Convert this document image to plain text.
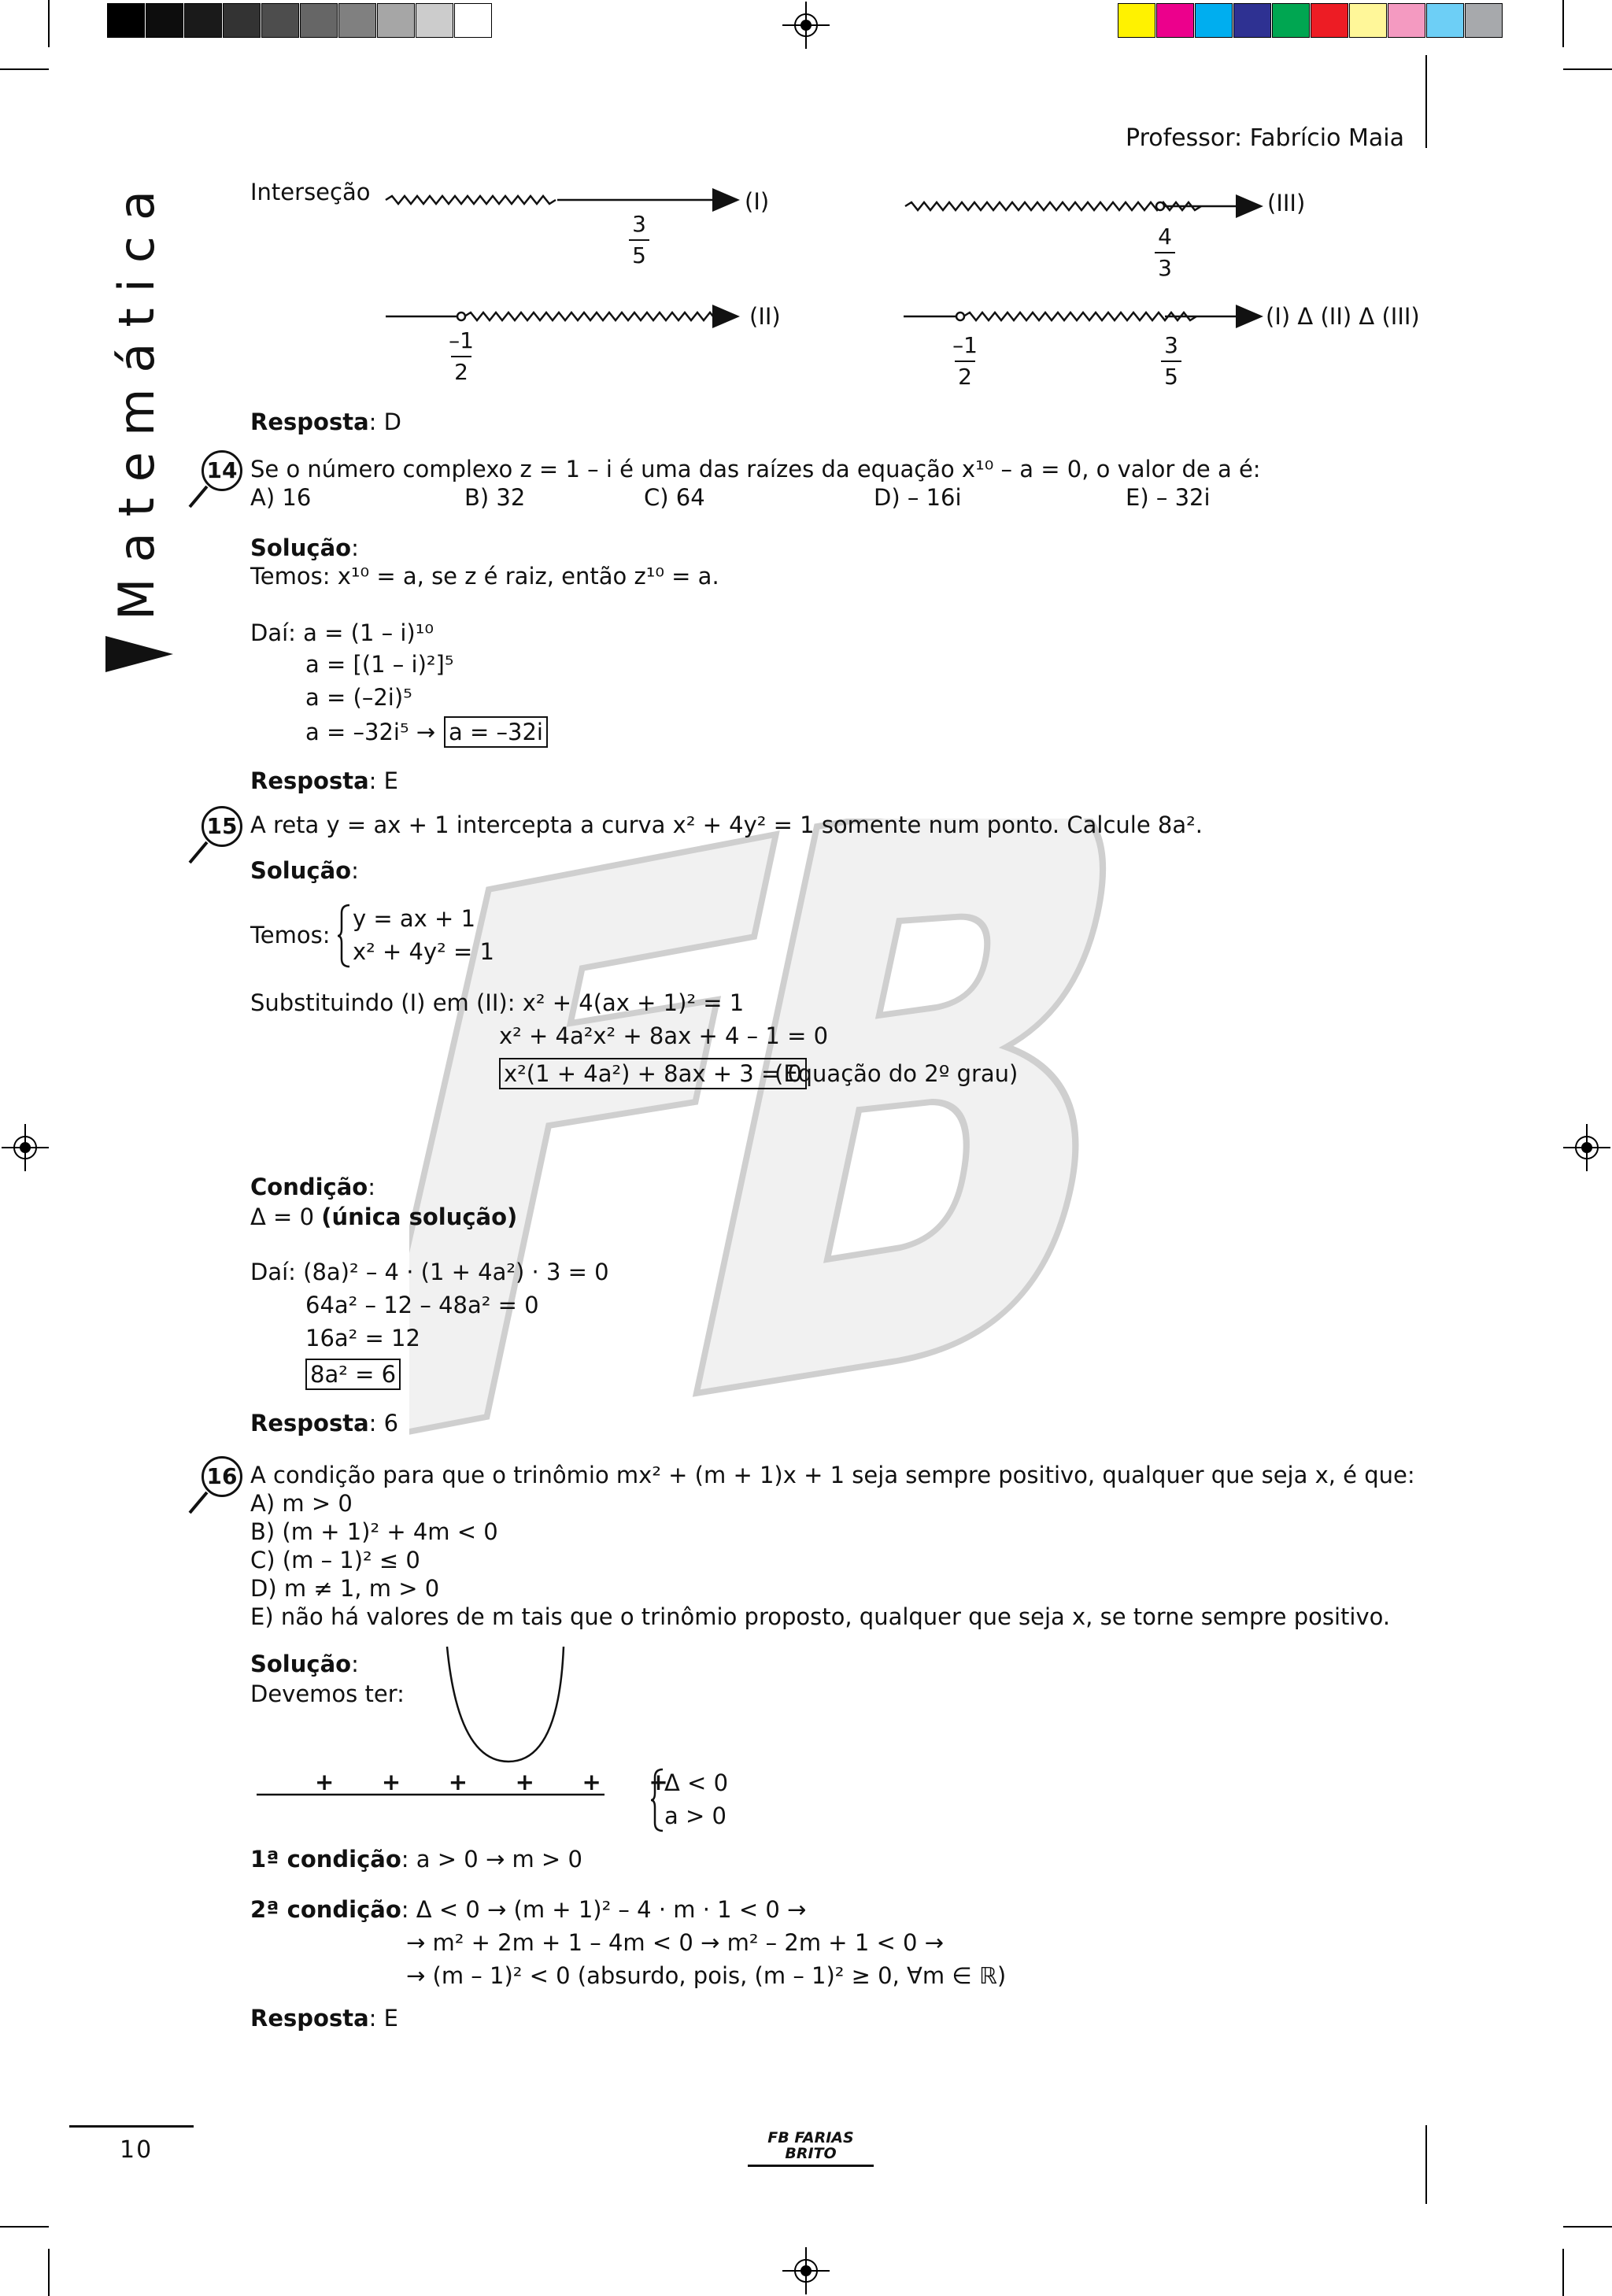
Professor: Fabrício Maia
Matemática	Interseção	(I)
3
5
(II)
–1
2
(III)
4
3
(I) Δ (II) Δ (III)
–1
2
3
5
Resposta: D
14 Se o número complexo z = 1 – i é uma das raízes da equação x¹⁰ – a = 0, o valor de a é:
A) 16	B) 32	C) 64	D) – 16i	E) – 32i
Solução:
Temos: x¹⁰ = a, se z é raiz, então z¹⁰ = a.
Daí: a = (1 – i)¹⁰
a = [(1 – i)²]⁵
a = (–2i)⁵
a = –32i⁵ → a = –32i
Resposta: E
15 A reta y = ax + 1 intercepta a curva x² + 4y² = 1 somente num ponto. Calcule 8a².
Solução:
Temos:
y = ax + 1
x² + 4y² = 1
Substituindo (I) em (II): x² + 4(ax + 1)² = 1
x² + 4a²x² + 8ax + 4 – 1 = 0
x²(1 + 4a²) + 8ax + 3 = 0
(Equação do 2º grau)
Condição:
Δ = 0 (única solução)
Daí: (8a)² – 4 · (1 + 4a²) · 3 = 0
64a² – 12 – 48a² = 0
16a² = 12
8a² = 6
Resposta: 6
16 A condição para que o trinômio mx² + (m + 1)x + 1 seja sempre positivo, qualquer que seja x, é que:
A) m > 0
B) (m + 1)² + 4m < 0
C) (m – 1)² ≤ 0
D) m ≠ 1, m > 0
E) não há valores de m tais que o trinômio proposto, qualquer que seja x, se torne sempre positivo.
Solução:
Devemos ter:
+      +      +      +      +      +
Δ < 0
a > 0
1ª condição: a > 0 → m > 0
2ª condição: Δ < 0 → (m + 1)² – 4 · m · 1 < 0 →
→ m² + 2m + 1 – 4m < 0 → m² – 2m + 1 < 0 →
→ (m – 1)² < 0 (absurdo, pois, (m – 1)² ≥ 0, ∀m ∈ ℝ)
Resposta: E
10	FB FARIAS BRITO
